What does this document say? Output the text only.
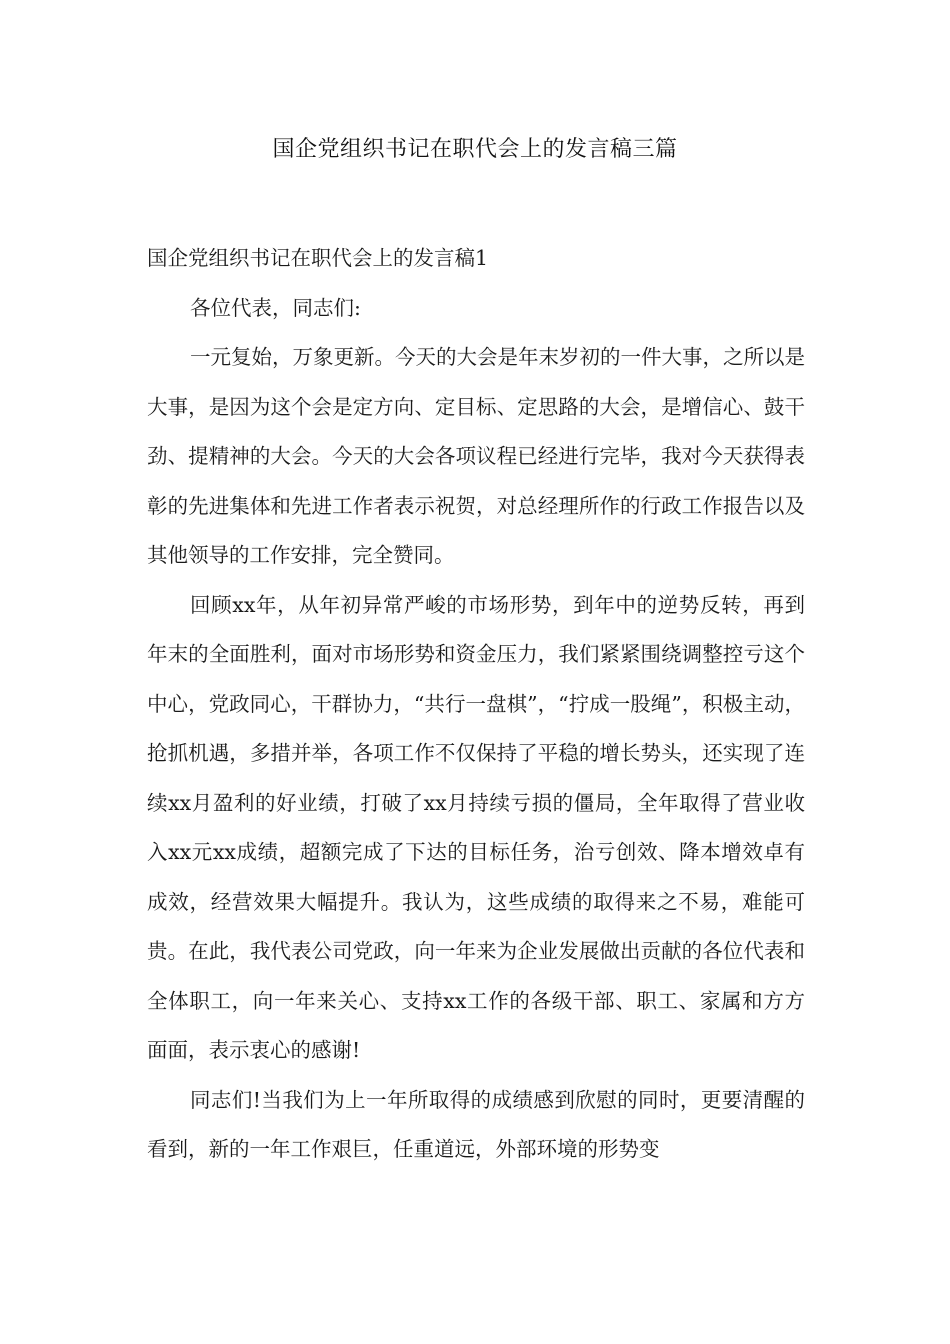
国企党组织书记在职代会上的发言稿三篇

国企党组织书记在职代会上的发言稿1

各位代表，同志们:

一元复始，万象更新。今天的大会是年末岁初的一件大事，之所以是大事，是因为这个会是定方向、定目标、定思路的大会，是增信心、鼓干劲、提精神的大会。今天的大会各项议程已经进行完毕，我对今天获得表彰的先进集体和先进工作者表示祝贺，对总经理所作的行政工作报告以及其他领导的工作安排，完全赞同。

回顾xx年，从年初异常严峻的市场形势，到年中的逆势反转，再到年末的全面胜利，面对市场形势和资金压力，我们紧紧围绕调整控亏这个中心，党政同心，干群协力，“共行一盘棋”，“拧成一股绳”，积极主动，抢抓机遇，多措并举，各项工作不仅保持了平稳的增长势头，还实现了连续xx月盈利的好业绩，打破了xx月持续亏损的僵局，全年取得了营业收入xx元xx成绩，超额完成了下达的目标任务，治亏创效、降本增效卓有成效，经营效果大幅提升。我认为，这些成绩的取得来之不易，难能可贵。在此，我代表公司党政，向一年来为企业发展做出贡献的各位代表和全体职工，向一年来关心、支持xx工作的各级干部、职工、家属和方方面面，表示衷心的感谢!

同志们!当我们为上一年所取得的成绩感到欣慰的同时，更要清醒的看到，新的一年工作艰巨，任重道远，外部环境的形势变
